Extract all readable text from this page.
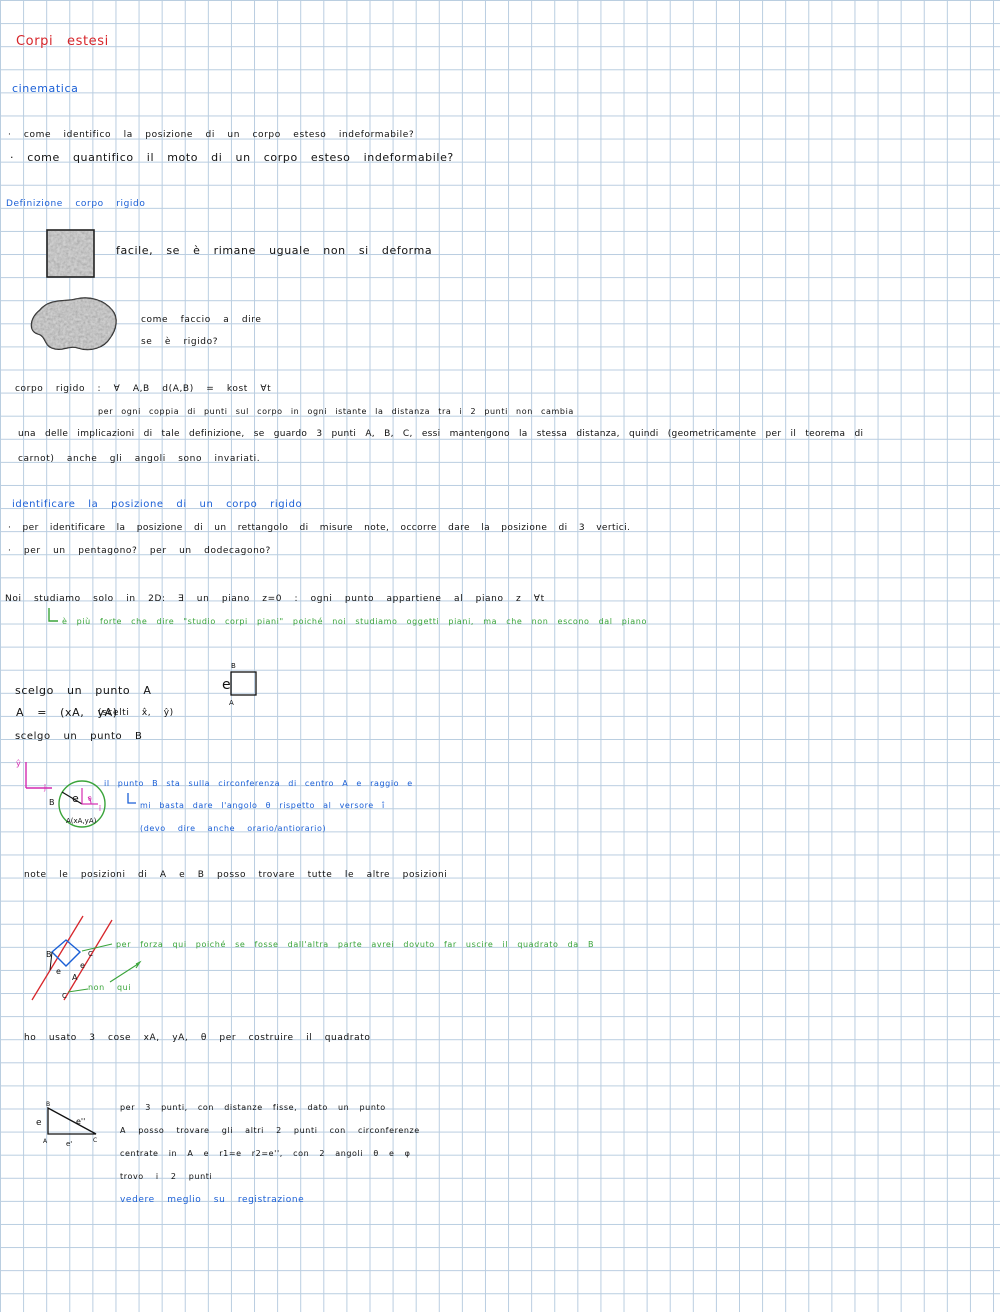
Corpi estesi

cinematica

· come identifico la posizione di un corpo esteso indeformabile?

· come quantifico il moto di un corpo esteso indeformabile?

Definizione corpo rigido

facile, se è rimane uguale non si deforma

come faccio a dire

se è rigido?

corpo rigido : ∀ A,B d(A,B) = kost ∀t

per ogni coppia di punti sul corpo in ogni istante la distanza tra i 2 punti non cambia

una delle implicazioni di tale definizione, se guardo 3 punti A, B, C, essi mantengono la stessa distanza, quindi (geometricamente per il teorema di

carnot) anche gli angoli sono invariati.

identificare la posizione di un corpo rigido

· per identificare la posizione di un rettangolo di misure note, occorre dare la posizione di 3 vertici.

· per un pentagono? per un dodecagono?

Noi studiamo solo in 2D: ∃ un piano z=0 : ogni punto appartiene al piano z ∀t

è più forte che dire "studio corpi piani" poiché noi studiamo oggetti piani, ma che non escono dal piano

scelgo un punto A

A = (xA, yA)

(scelti x̂, ŷ)

scelgo un punto B

B
e
A
ŷ
ĵ
B e θ
î
A(xA,yA)

il punto B sta sulla circonferenza di centro A e raggio e

mi basta dare l'angolo θ rispetto al versore î

(devo dire anche orario/antiorario)

note le posizioni di A e B posso trovare tutte le altre posizioni

B	C
e
e
A
C

per forza qui poiché se fosse dall'altra parte avrei dovuto far uscire il quadrato da B

non qui

ho usato 3 cose xA, yA, θ per costruire il quadrato

B
e	e''
A	e'	C

per 3 punti, con distanze fisse, dato un punto

A posso trovare gli altri 2 punti con circonferenze

centrate in A e r1=e r2=e'', con 2 angoli θ e φ

trovo i 2 punti

vedere meglio su registrazione
